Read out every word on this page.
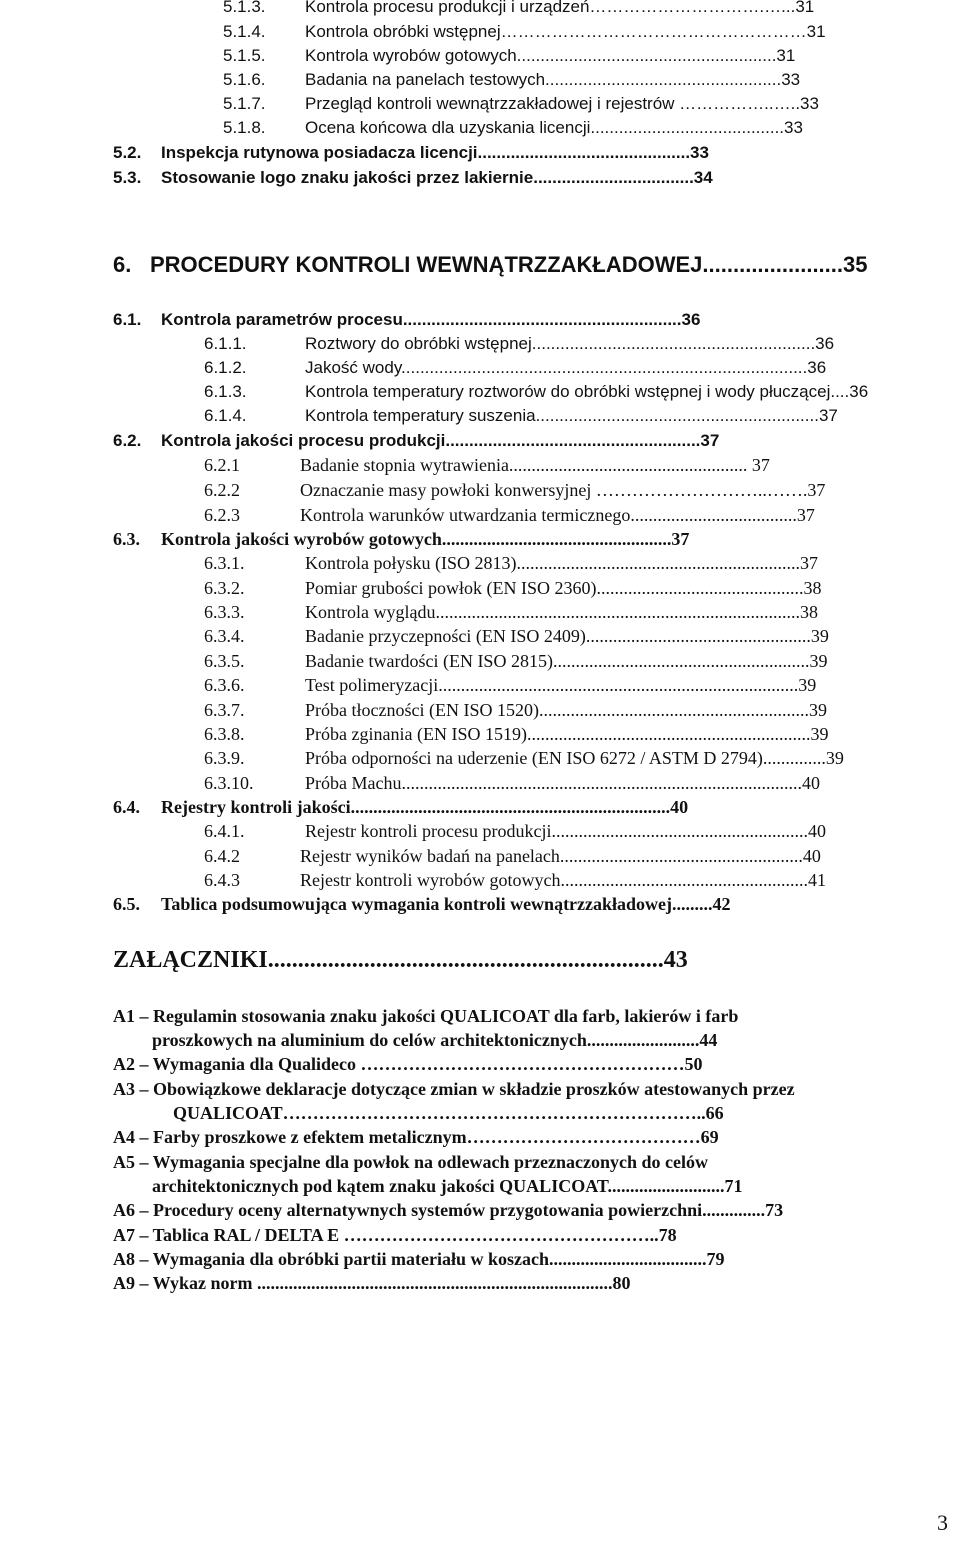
5.1.3. Kontrola procesu produkcji i urządzeń………………………….…...31
5.1.4. Kontrola obróbki wstępnej………………………………………………31
5.1.5. Kontrola wyrobów gotowych.......................................................31
5.1.6. Badania na panelach testowych..................................................33
5.1.7. Przegląd kontroli wewnątrzzakładowej i rejestrów ……………..…..33
5.1.8. Ocena końcowa dla uzyskania licencji.........................................33
5.2. Inspekcja rutynowa posiadacza licencji.............................................33
5.3. Stosowanie logo znaku jakości przez lakiernie..................................34
6. PROCEDURY KONTROLI WEWNĄTRZZAKŁADOWEJ.......................35
6.1. Kontrola parametrów procesu...........................................................36
6.1.1.	Roztwory do obróbki wstępnej............................................................36
6.1.2.	Jakość wody......................................................................................36
6.1.3.	Kontrola temperatury roztworów do obróbki wstępnej i wody płuczącej....36
6.1.4.	Kontrola temperatury suszenia............................................................37
6.2. Kontrola jakości procesu produkcji......................................................37
6.2.1	Badanie stopnia wytrawienia..................................................... 37
6.2.2	Oznaczanie masy powłoki konwersyjnej ………………………..…….37
6.2.3	Kontrola warunków utwardzania termicznego.....................................37
6.3. Kontrola jakości wyrobów gotowych...................................................37
6.3.1.	Kontrola połysku (ISO 2813)...............................................................37
6.3.2.	Pomiar grubości powłok (EN ISO 2360)..............................................38
6.3.3.	Kontrola wyglądu.................................................................................38
6.3.4.	Badanie przyczepności (EN ISO 2409)..................................................39
6.3.5.	Badanie twardości (EN ISO 2815).........................................................39
6.3.6.	Test polimeryzacji................................................................................39
6.3.7.	Próba tłoczności (EN ISO 1520)............................................................39
6.3.8.	Próba zginania (EN ISO 1519)...............................................................39
6.3.9.	Próba odporności na uderzenie (EN ISO 6272 / ASTM D 2794)..............39
6.3.10.	Próba Machu.........................................................................................40
6.4. Rejestry kontroli jakości.......................................................................40
6.4.1.	Rejestr kontroli procesu produkcji.........................................................40
6.4.2	Rejestr wyników badań na panelach......................................................40
6.4.3	Rejestr kontroli wyrobów gotowych.......................................................41
6.5. Tablica podsumowująca wymagania kontroli wewnątrzzakładowej.........42
ZAŁĄCZNIKI..................................................................43
A1 – Regulamin stosowania znaku jakości QUALICOAT dla farb, lakierów i farb
proszkowych na aluminium do celów architektonicznych.........................44
A2 – Wymagania dla Qualideco ………………………………………………50
A3 – Obowiązkowe deklaracje dotyczące zmian w składzie proszków atestowanych przez
QUALICOAT……………………………………………………………..66
A4 – Farby proszkowe z efektem metalicznym…………………………………69
A5 – Wymagania specjalne dla powłok na odlewach przeznaczonych do celów
architektonicznych pod kątem znaku jakości QUALICOAT..........................71
A6 – Procedury oceny alternatywnych systemów przygotowania powierzchni..............73
A7 – Tablica RAL / DELTA E ……………………………………………..78
A8 – Wymagania dla obróbki partii materiału w koszach...................................79
A9 – Wykaz norm ...............................................................................80
3
